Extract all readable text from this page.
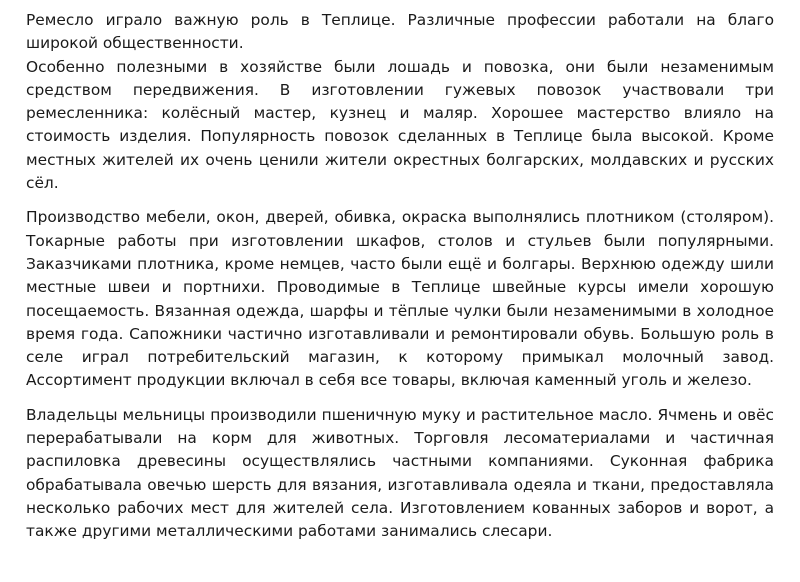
Ремесло играло важную роль в Теплице. Различные профессии работали на благо широкой общественности.

Особенно полезными в хозяйстве были лошадь и повозка, они были незаменимым средством передвижения. В изготовлении гужевых повозок участвовали три ремесленника: колёсный мастер, кузнец и маляр. Хорошее мастерство влияло на стоимость изделия. Популярность повозок сделанных в Теплице была высокой. Кроме местных жителей их очень ценили жители окрестных болгарских, молдавских и русских сёл.

Производство мебели, окон, дверей, обивка, окраска выполнялись плотником (столяром). Токарные работы при изготовлении шкафов, столов и стульев были популярными. Заказчиками плотника, кроме немцев, часто были ещё и болгары. Верхнюю одежду шили местные швеи и портнихи. Проводимые в Теплице швейные курсы имели хорошую посещаемость. Вязанная одежда, шарфы и тёплые чулки были незаменимыми в холодное время года. Сапожники частично изготавливали и ремонтировали обувь. Большую роль в селе играл потребительский магазин, к которому примыкал молочный завод. Ассортимент продукции включал в себя все товары, включая каменный уголь и железо.

Владельцы мельницы производили пшеничную муку и растительное масло. Ячмень и овёс перерабатывали на корм для животных. Торговля лесоматериалами и частичная распиловка древесины осуществлялись частными компаниями. Суконная фабрика обрабатывала овечью шерсть для вязания, изготавливала одеяла и ткани, предоставляла несколько рабочих мест для жителей села. Изготовлением кованных заборов и ворот, а также другими металлическими работами занимались слесари.
